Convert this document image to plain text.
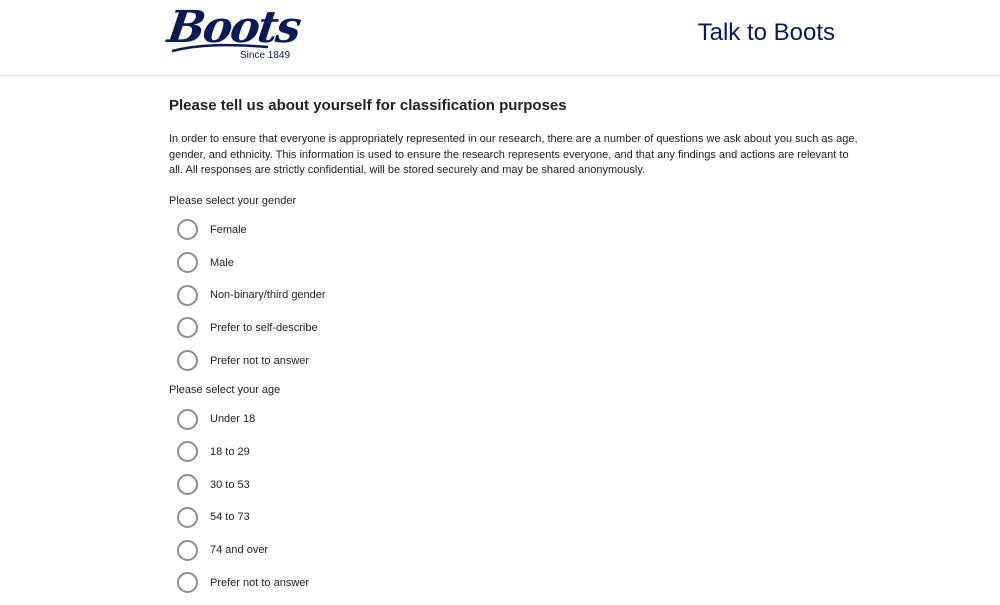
Boots
Since 1849
Talk to Boots
Please tell us about yourself for classification purposes

In order to ensure that everyone is appropriately represented in our research, there are a number of questions we ask about you such as age, gender, and ethnicity. This information is used to ensure the research represents everyone, and that any findings and actions are relevant to all. All responses are strictly confidential, will be stored securely and may be shared anonymously.

Please select your gender
Female
Male
Non-binary/third gender
Prefer to self-describe
Prefer not to answer
Please select your age
Under 18
18 to 29
30 to 53
54 to 73
74 and over
Prefer not to answer
